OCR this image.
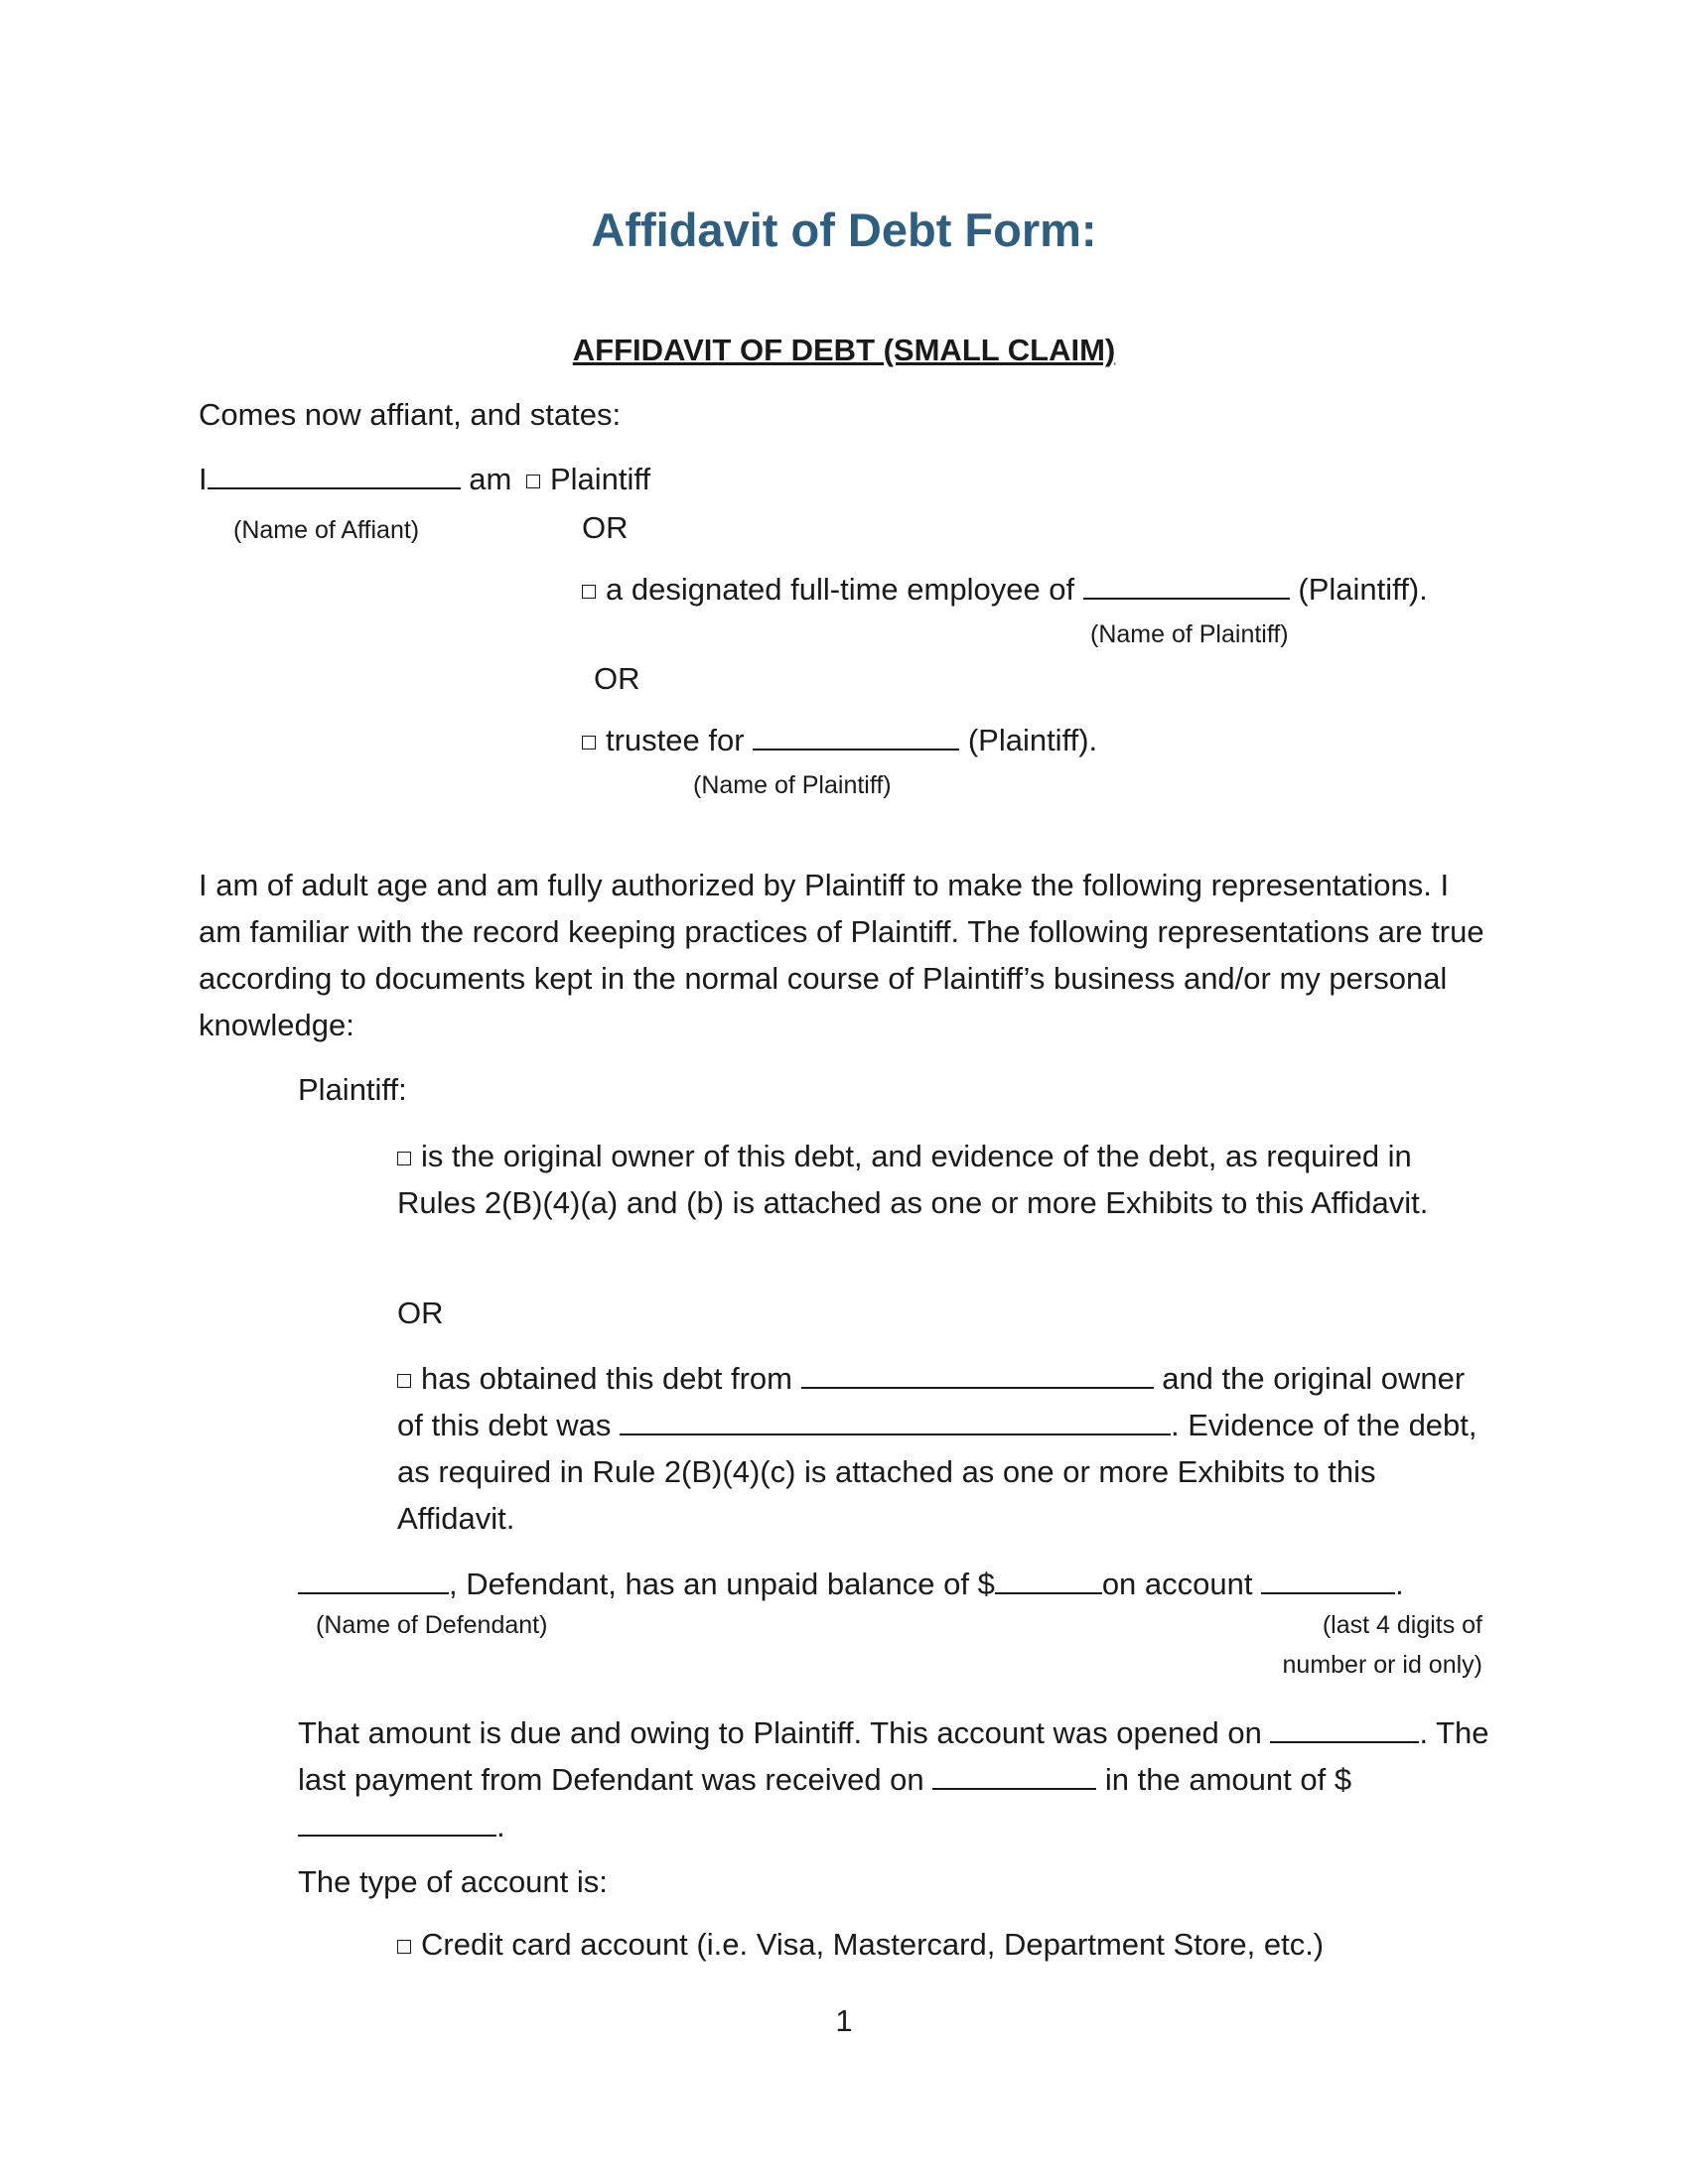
Affidavit of Debt Form:
AFFIDAVIT OF DEBT (SMALL CLAIM)
Comes now affiant, and states:
I	am Plaintiff
(Name of Affiant)	OR
a designated full-time employee of	(Plaintiff).
(Name of Plaintiff)
OR
trustee for	(Plaintiff).
(Name of Plaintiff)
I am of adult age and am fully authorized by Plaintiff to make the following representations. I am familiar with the record keeping practices of Plaintiff. The following representations are true according to documents kept in the normal course of Plaintiff’s business and/or my personal knowledge:
Plaintiff:
is the original owner of this debt, and evidence of the debt, as required in Rules 2(B)(4)(a) and (b) is attached as one or more Exhibits to this Affidavit.
OR
has obtained this debt from	and the original owner of this debt was	. Evidence of the debt, as required in Rule 2(B)(4)(c) is attached as one or more Exhibits to this Affidavit.
, Defendant, has an unpaid balance of $	on account	.
(Name of Defendant)	(last 4 digits of
number or id only)
That amount is due and owing to Plaintiff. This account was opened on	. The last payment from Defendant was received on	in the amount of $.
The type of account is:
Credit card account (i.e. Visa, Mastercard, Department Store, etc.)
1
